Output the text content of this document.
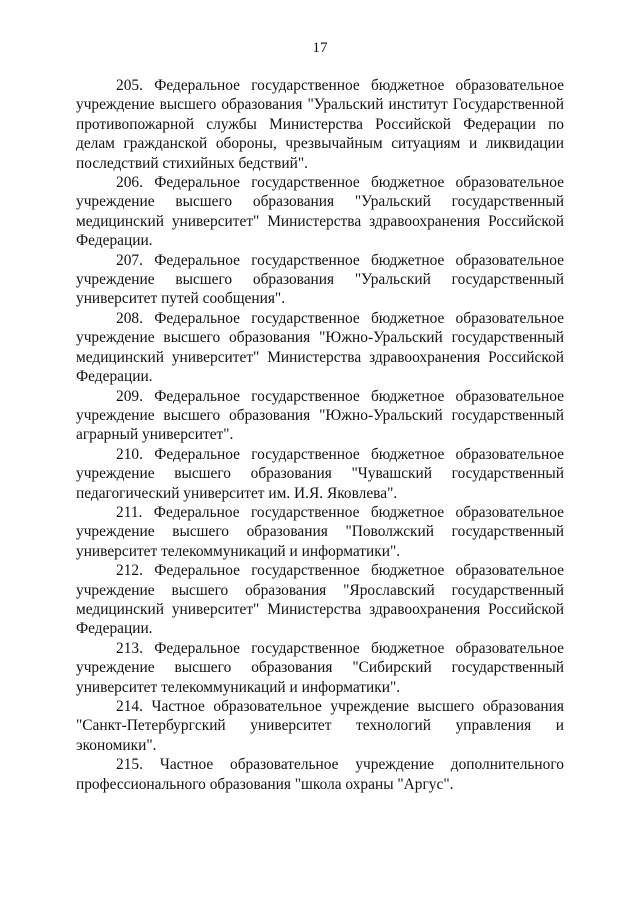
17

205. Федеральное государственное бюджетное образовательное учреждение высшего образования "Уральский институт Государственной противопожарной службы Министерства Российской Федерации по делам гражданской обороны, чрезвычайным ситуациям и ликвидации последствий стихийных бедствий".

206. Федеральное государственное бюджетное образовательное учреждение высшего образования "Уральский государственный медицинский университет" Министерства здравоохранения Российской Федерации.

207. Федеральное государственное бюджетное образовательное учреждение высшего образования "Уральский государственный университет путей сообщения".

208. Федеральное государственное бюджетное образовательное учреждение высшего образования "Южно-Уральский государственный медицинский университет" Министерства здравоохранения Российской Федерации.

209. Федеральное государственное бюджетное образовательное учреждение высшего образования "Южно-Уральский государственный аграрный университет".

210. Федеральное государственное бюджетное образовательное учреждение высшего образования "Чувашский государственный педагогический университет им. И.Я. Яковлева".

211. Федеральное государственное бюджетное образовательное учреждение высшего образования "Поволжский государственный университет телекоммуникаций и информатики".

212. Федеральное государственное бюджетное образовательное учреждение высшего образования "Ярославский государственный медицинский университет" Министерства здравоохранения Российской Федерации.

213. Федеральное государственное бюджетное образовательное учреждение высшего образования "Сибирский государственный университет телекоммуникаций и информатики".

214. Частное образовательное учреждение высшего образования "Санкт-Петербургский университет технологий управления и экономики".

215. Частное образовательное учреждение дополнительного профессионального образования "школа охраны "Аргус".
